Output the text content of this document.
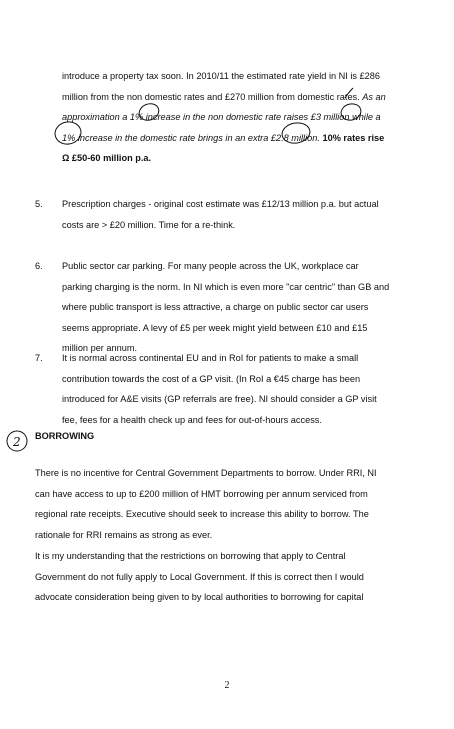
introduce a property tax soon. In 2010/11 the estimated rate yield in NI is £286
million from the non domestic rates and £270 million from domestic rates. As an
approximation a 1% increase in the non domestic rate raises £3 million while a
1% increase in the domestic rate brings in an extra £2.8 million. 10% rates rise
Ω £50-60 million p.a.
5. Prescription charges - original cost estimate was £12/13 million p.a. but actual
costs are > £20 million. Time for a re-think.
6. Public sector car parking. For many people across the UK, workplace car
parking charging is the norm. In NI which is even more "car centric" than GB and
where public transport is less attractive, a charge on public sector car users
seems appropriate. A levy of £5 per week might yield between £10 and £15
million per annum.
7. It is normal across continental EU and in RoI for patients to make a small
contribution towards the cost of a GP visit. (In RoI a €45 charge has been
introduced for A&E visits (GP referrals are free). NI should consider a GP visit
fee, fees for a health check up and fees for out-of-hours access.
BORROWING
There is no incentive for Central Government Departments to borrow. Under RRI, NI
can have access to up to £200 million of HMT borrowing per annum serviced from
regional rate receipts. Executive should seek to increase this ability to borrow. The
rationale for RRI remains as strong as ever.
It is my understanding that the restrictions on borrowing that apply to Central
Government do not fully apply to Local Government. If this is correct then I would
advocate consideration being given to by local authorities to borrowing for capital
2
2
